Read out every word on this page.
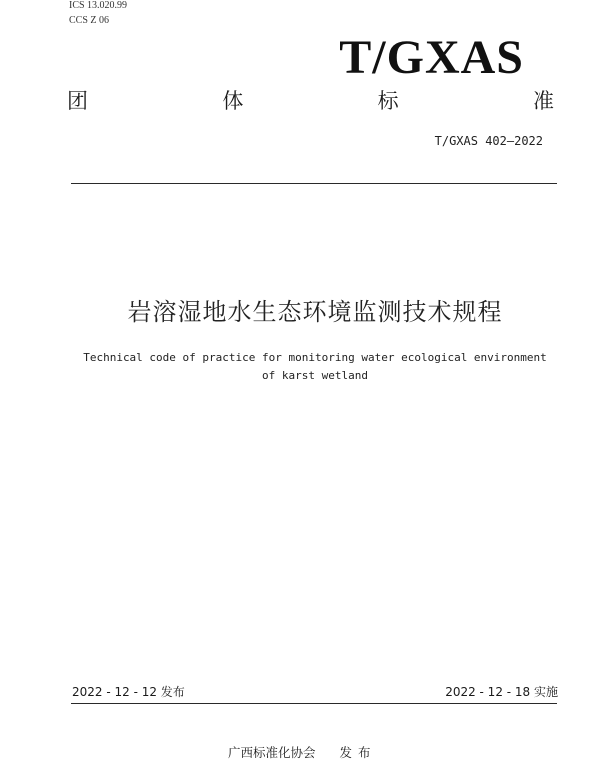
ICS 13.020.99
CCS Z 06
T/GXAS
团	体	标	准
T/GXAS 402—2022
岩溶湿地水生态环境监测技术规程
Technical code of practice for monitoring water ecological environment
of karst wetland
2022 - 12 - 12 发布	2022 - 12 - 18 实施
广西标准化协会 发布
